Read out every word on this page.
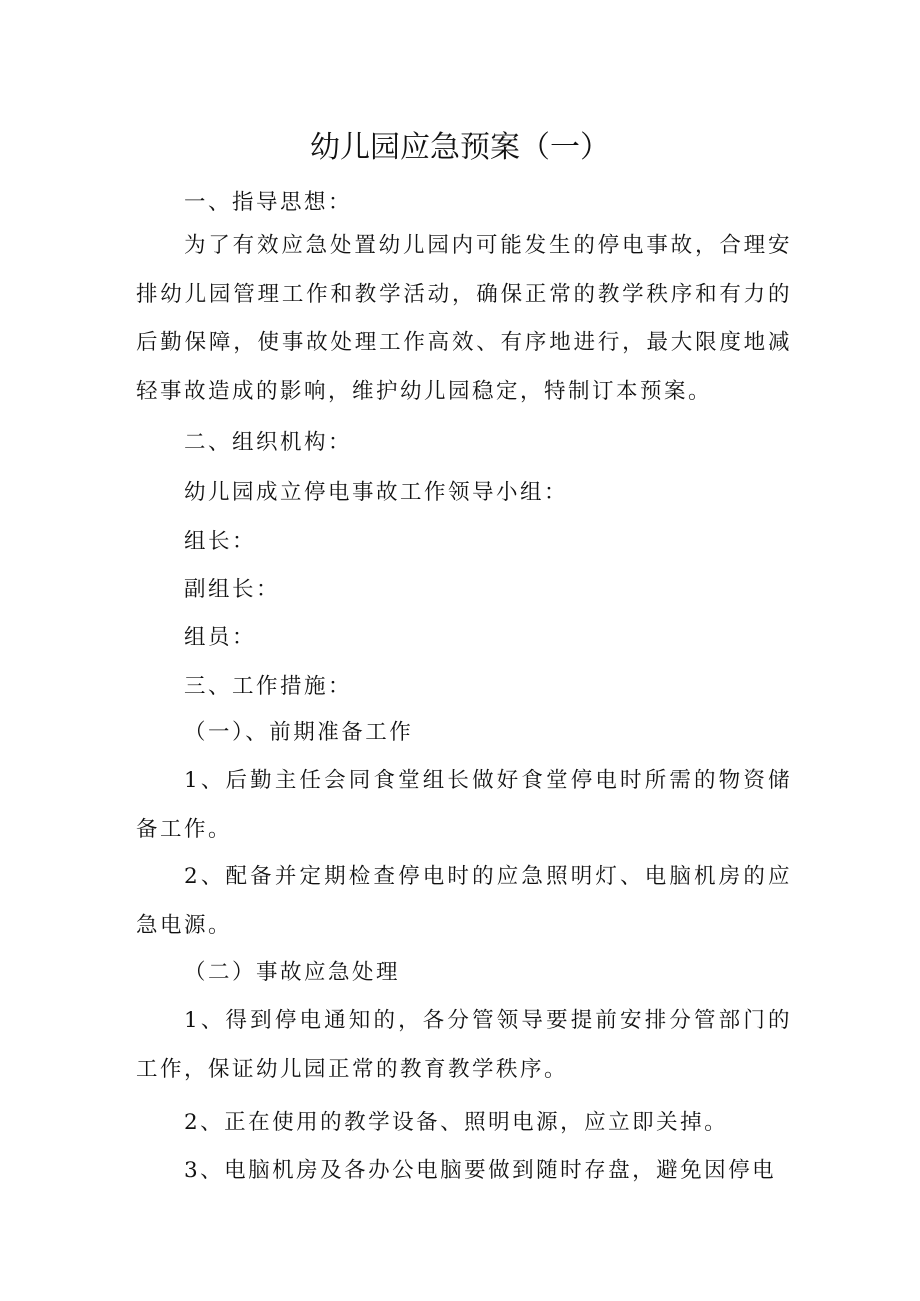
幼儿园应急预案（一）
一、指导思想：
为了有效应急处置幼儿园内可能发生的停电事故，合理安排幼儿园管理工作和教学活动，确保正常的教学秩序和有力的后勤保障，使事故处理工作高效、有序地进行，最大限度地减轻事故造成的影响，维护幼儿园稳定，特制订本预案。
二、组织机构：
幼儿园成立停电事故工作领导小组：
组长：
副组长：
组员：
三、工作措施：
（一）、前期准备工作
1、后勤主任会同食堂组长做好食堂停电时所需的物资储备工作。
2、配备并定期检查停电时的应急照明灯、电脑机房的应急电源。
（二）事故应急处理
1、得到停电通知的，各分管领导要提前安排分管部门的工作，保证幼儿园正常的教育教学秩序。
2、正在使用的教学设备、照明电源，应立即关掉。
3、电脑机房及各办公电脑要做到随时存盘，避免因停电
